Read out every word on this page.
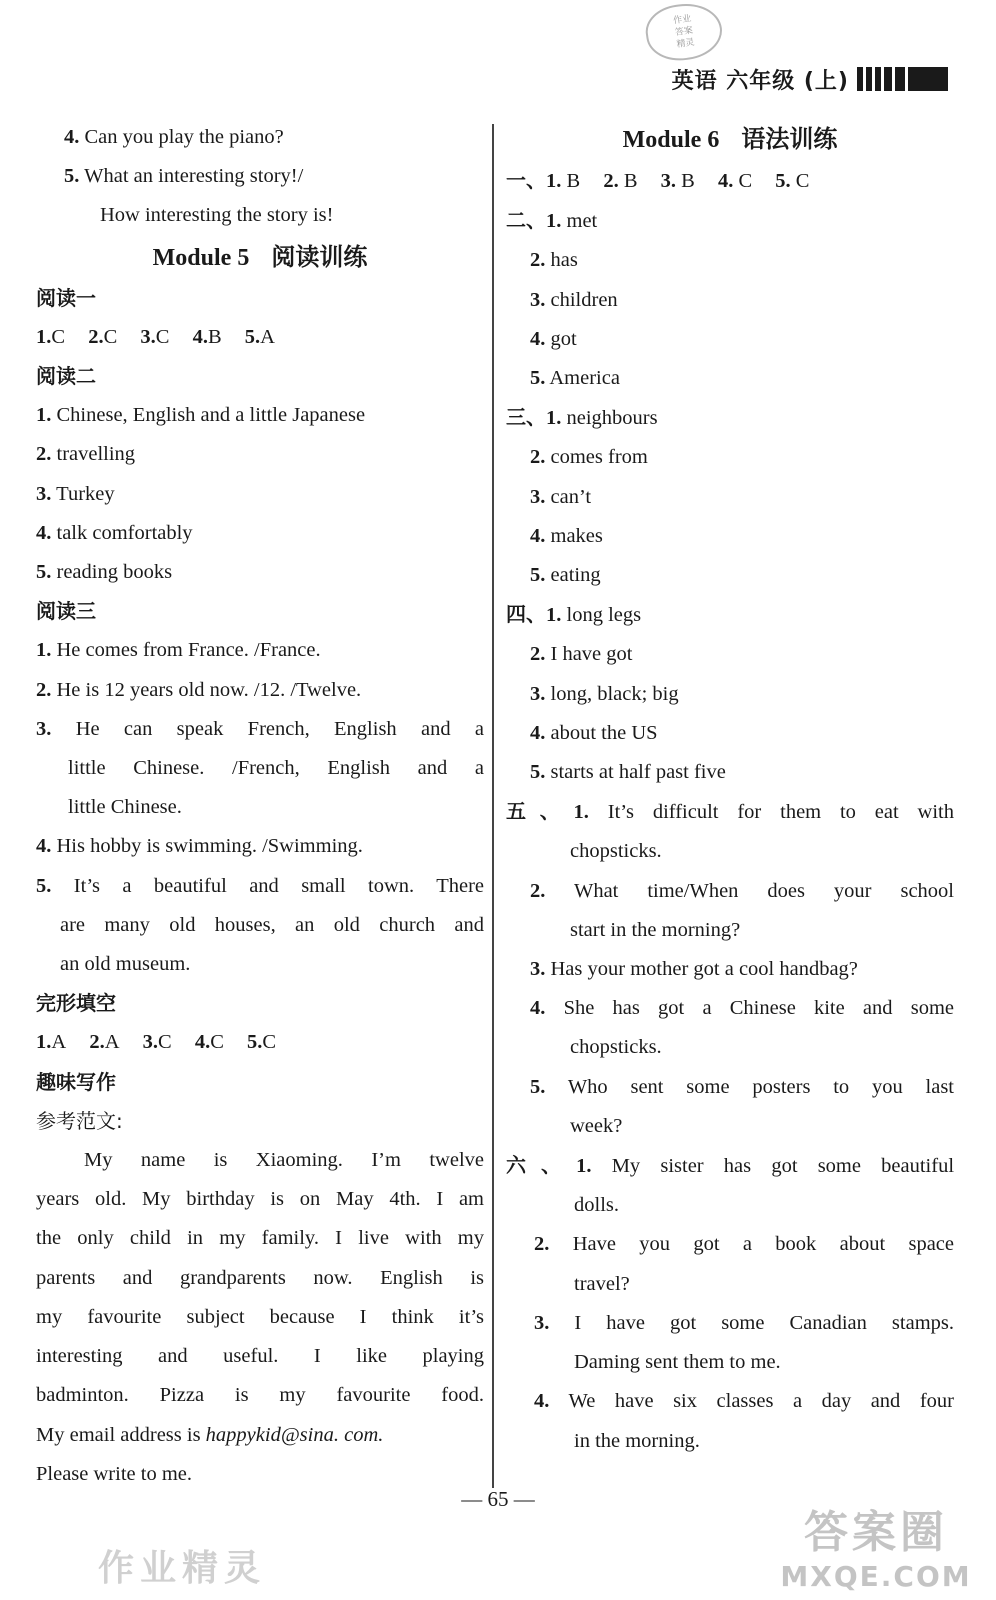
作业
答案
精灵
英语 六年级 (上)
4. Can you play the piano?
5. What an interesting story!/
How interesting the story is!
Module 5 阅读训练
阅读一
1.C 2.C 3.C 4.B 5.A
阅读二
1. Chinese, English and a little Japanese
2. travelling
3. Turkey
4. talk comfortably
5. reading books
阅读三
1. He comes from France. /France.
2. He is 12 years old now. /12. /Twelve.
3. He can speak French, English and a
little Chinese. /French, English and a
little Chinese.
4. His hobby is swimming. /Swimming.
5. It’s a beautiful and small town. There
are many old houses, an old church and
an old museum.
完形填空
1.A 2.A 3.C 4.C 5.C
趣味写作
参考范文:
My name is Xiaoming. I’m twelve
years old. My birthday is on May 4th. I am
the only child in my family. I live with my
parents and grandparents now. English is
my favourite subject because I think it’s
interesting and useful. I like playing
badminton. Pizza is my favourite food.
My email address is happykid@sina. com.
Please write to me.
Module 6 语法训练
一、1. B 2. B 3. B 4. C 5. C
二、1. met
2. has
3. children
4. got
5. America
三、1. neighbours
2. comes from
3. can’t
4. makes
5. eating
四、1. long legs
2. I have got
3. long, black; big
4. about the US
5. starts at half past five
五、1. It’s difficult for them to eat with
chopsticks.
2. What time/When does your school
start in the morning?
3. Has your mother got a cool handbag?
4. She has got a Chinese kite and some
chopsticks.
5. Who sent some posters to you last
week?
六、1. My sister has got some beautiful
dolls.
2. Have you got a book about space
travel?
3. I have got some Canadian stamps.
Daming sent them to me.
4. We have six classes a day and four
in the morning.
— 65 —
作业精灵
答案圈
MXQE.COM
